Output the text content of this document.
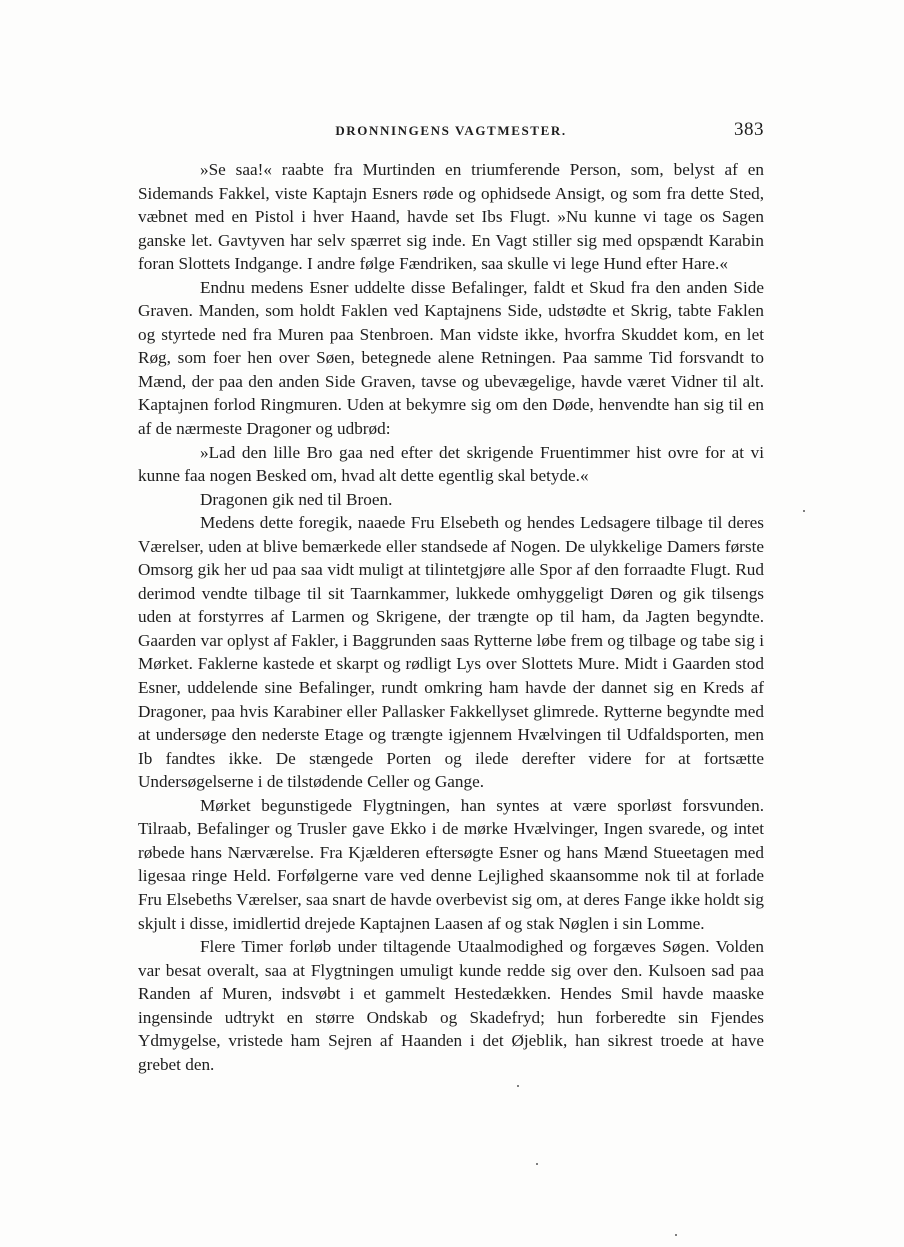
DRONNINGENS VAGTMESTER.	383

»Se saa!« raabte fra Murtinden en triumferende Person, som, belyst af en Sidemands Fakkel, viste Kaptajn Esners røde og ophidsede Ansigt, og som fra dette Sted, væbnet med en Pistol i hver Haand, havde set Ibs Flugt. »Nu kunne vi tage os Sagen ganske let. Gavtyven har selv spærret sig inde. En Vagt stiller sig med opspændt Karabin foran Slottets Indgange. I andre følge Fændriken, saa skulle vi lege Hund efter Hare.«

Endnu medens Esner uddelte disse Befalinger, faldt et Skud fra den anden Side Graven. Manden, som holdt Faklen ved Kaptajnens Side, udstødte et Skrig, tabte Faklen og styrtede ned fra Muren paa Stenbroen. Man vidste ikke, hvorfra Skuddet kom, en let Røg, som foer hen over Søen, betegnede alene Retningen. Paa samme Tid forsvandt to Mænd, der paa den anden Side Graven, tavse og ubevægelige, havde været Vidner til alt. Kaptajnen forlod Ringmuren. Uden at bekymre sig om den Døde, henvendte han sig til en af de nærmeste Dragoner og udbrød:

»Lad den lille Bro gaa ned efter det skrigende Fruentimmer hist ovre for at vi kunne faa nogen Besked om, hvad alt dette egentlig skal betyde.«

Dragonen gik ned til Broen.

Medens dette foregik, naaede Fru Elsebeth og hendes Ledsagere tilbage til deres Værelser, uden at blive bemærkede eller standsede af Nogen. De ulykkelige Damers første Omsorg gik her ud paa saa vidt muligt at tilintetgjøre alle Spor af den forraadte Flugt. Rud derimod vendte tilbage til sit Taarnkammer, lukkede omhyggeligt Døren og gik tilsengs uden at forstyrres af Larmen og Skrigene, der trængte op til ham, da Jagten begyndte. Gaarden var oplyst af Fakler, i Baggrunden saas Rytterne løbe frem og tilbage og tabe sig i Mørket. Faklerne kastede et skarpt og rødligt Lys over Slottets Mure. Midt i Gaarden stod Esner, uddelende sine Befalinger, rundt omkring ham havde der dannet sig en Kreds af Dragoner, paa hvis Karabiner eller Pallasker Fakkellyset glimrede. Rytterne begyndte med at undersøge den nederste Etage og trængte igjennem Hvælvingen til Udfaldsporten, men Ib fandtes ikke. De stængede Porten og ilede derefter videre for at fortsætte Undersøgelserne i de tilstødende Celler og Gange.

Mørket begunstigede Flygtningen, han syntes at være sporløst forsvunden. Tilraab, Befalinger og Trusler gave Ekko i de mørke Hvælvinger, Ingen svarede, og intet røbede hans Nærværelse. Fra Kjælderen eftersøgte Esner og hans Mænd Stueetagen med ligesaa ringe Held. Forfølgerne vare ved denne Lejlighed skaansomme nok til at forlade Fru Elsebeths Værelser, saa snart de havde overbevist sig om, at deres Fange ikke holdt sig skjult i disse, imidlertid drejede Kaptajnen Laasen af og stak Nøglen i sin Lomme.

Flere Timer forløb under tiltagende Utaalmodighed og forgæves Søgen. Volden var besat overalt, saa at Flygtningen umuligt kunde redde sig over den. Kulsoen sad paa Randen af Muren, indsvøbt i et gammelt Hestedækken. Hendes Smil havde maaske ingensinde udtrykt en større Ondskab og Skadefryd; hun forberedte sin Fjendes Ydmygelse, vristede ham Sejren af Haanden i det Øjeblik, han sikrest troede at have grebet den.
